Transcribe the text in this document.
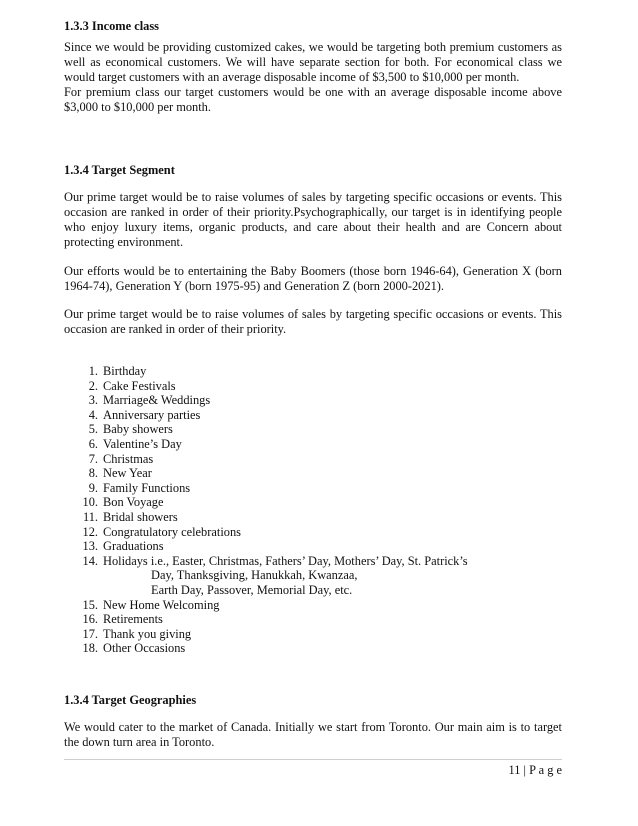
1.3.3 Income class

Since we would be providing customized cakes, we would be targeting both premium customers as well as economical customers. We will have separate section for both. For economical class we would target customers with an average disposable income of $3,500 to $10,000 per month.

For premium class our target customers would be one with an average disposable income above $3,000 to $10,000 per month.

1.3.4 Target Segment

Our prime target would be to raise volumes of sales by targeting specific occasions or events. This occasion are ranked in order of their priority.Psychographically, our target is in identifying people who enjoy luxury items, organic products, and care about their health and are Concern about protecting environment.

Our efforts would be to entertaining the Baby Boomers (those born 1946-64), Generation X (born 1964-74), Generation Y (born 1975-95) and Generation Z (born 2000-2021).

Our prime target would be to raise volumes of sales by targeting specific occasions or events. This occasion are ranked in order of their priority.

1. Birthday
2. Cake Festivals
3. Marriage& Weddings
4. Anniversary parties
5. Baby showers
6. Valentine’s Day
7. Christmas
8. New Year
9. Family Functions
10. Bon Voyage
11. Bridal showers
12. Congratulatory celebrations
13. Graduations
14. Holidays i.e., Easter, Christmas, Fathers’ Day, Mothers’ Day, St. Patrick’s
Day, Thanksgiving, Hanukkah, Kwanzaa,
Earth Day, Passover, Memorial Day, etc.
15. New Home Welcoming
16. Retirements
17. Thank you giving
18. Other Occasions

1.3.4 Target Geographies

We would cater to the market of Canada. Initially we start from Toronto. Our main aim is to target the down turn area in Toronto.

11 | P a g e
